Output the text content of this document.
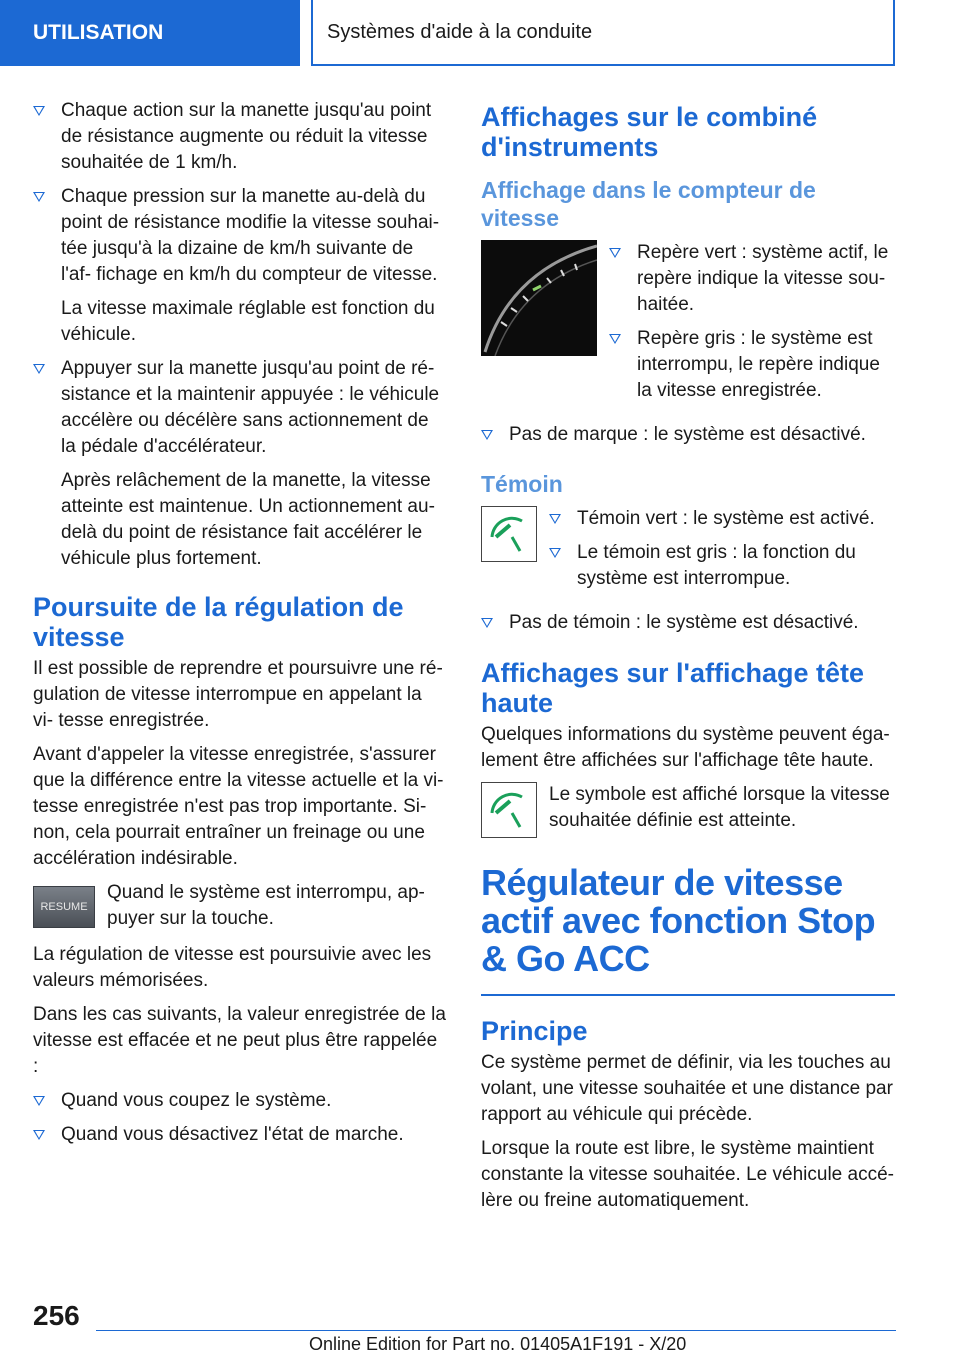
UTILISATION	Systèmes d'aide à la conduite
Chaque action sur la manette jusqu'au point de résistance augmente ou réduit la vitesse souhaitée de 1 km/h.
Chaque pression sur la manette au-delà du point de résistance modifie la vitesse souhai- tée jusqu'à la dizaine de km/h suivante de l'af- fichage en km/h du compteur de vitesse.

La vitesse maximale réglable est fonction du véhicule.

Appuyer sur la manette jusqu'au point de ré- sistance et la maintenir appuyée : le véhicule accélère ou décélère sans actionnement de la pédale d'accélérateur.

Après relâchement de la manette, la vitesse atteinte est maintenue. Un actionnement au- delà du point de résistance fait accélérer le véhicule plus fortement.

Poursuite de la régulation de vitesse

Il est possible de reprendre et poursuivre une ré- gulation de vitesse interrompue en appelant la vi- tesse enregistrée.

Avant d'appeler la vitesse enregistrée, s'assurer que la différence entre la vitesse actuelle et la vi- tesse enregistrée n'est pas trop importante. Si- non, cela pourrait entraîner un freinage ou une accélération indésirable.

RESUME
Quand le système est interrompu, ap- puyer sur la touche.

La régulation de vitesse est poursuivie avec les valeurs mémorisées.

Dans les cas suivants, la valeur enregistrée de la vitesse est effacée et ne peut plus être rappelée :

Quand vous coupez le système.
Quand vous désactivez l'état de marche.
Affichages sur le combiné d'instruments
Affichage dans le compteur de vitesse
Repère vert : système actif, le repère indique la vitesse sou- haitée.
Repère gris : le système est interrompu, le repère indique la vitesse enregistrée.
Pas de marque : le système est désactivé.
Témoin
Témoin vert : le système est activé.
Le témoin est gris : la fonction du système est interrompue.
Pas de témoin : le système est désactivé.
Affichages sur l'affichage tête haute

Quelques informations du système peuvent éga- lement être affichées sur l'affichage tête haute.

Le symbole est affiché lorsque la vitesse souhaitée définie est atteinte.
Régulateur de vitesse actif avec fonction Stop & Go ACC
Principe

Ce système permet de définir, via les touches au volant, une vitesse souhaitée et une distance par rapport au véhicule qui précède.

Lorsque la route est libre, le système maintient constante la vitesse souhaitée. Le véhicule accé- lère ou freine automatiquement.

256
Online Edition for Part no. 01405A1F191 - X/20
